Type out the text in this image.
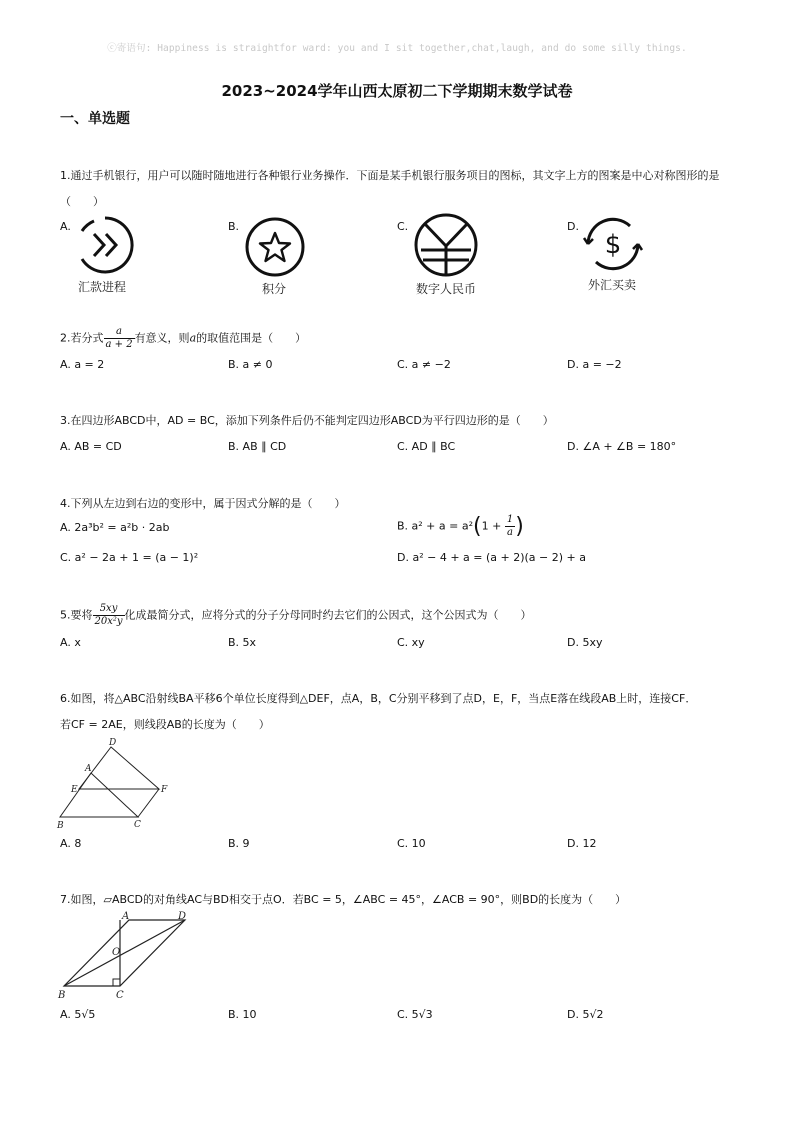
ⓒ寄语句: Happiness is straightfor ward: you and I sit together,chat,laugh, and do some silly things.
2023~2024学年山西太原初二下学期期末数学试卷
一、单选题
1.通过手机银行，用户可以随时随地进行各种银行业务操作．下面是某手机银行服务项目的图标，其文字上方的图案是中心对称图形的是
（　　）
A.	B.	C.	D.
汇款进程	积分	数字人民币
$
外汇买卖
2.若分式 $\frac{a}{a + 2}$ 有意义，则a的取值范围是（　　）
A. a = 2	B. a ≠ 0	C. a ≠ −2	D. a = −2
3.在四边形ABCD中，AD = BC，添加下列条件后仍不能判定四边形ABCD为平行四边形的是（　　）
A. AB = CD	B. AB ∥ CD	C. AD ∥ BC	D. ∠A + ∠B = 180°
4.下列从左边到右边的变形中，属于因式分解的是（　　）
A. 2a³b² = a²b · 2ab	B. $a^2 + a = a^2(1 + \frac{1}{a}$ )
C. a² − 2a + 1 = (a − 1)²	D. a² − 4 + a = (a + 2)(a − 2) + a
5.要将 $\frac{5xy}{\text{20x²y}}$ 化成最简分式，应将分式的分子分母同时约去它们的公因式，这个公因式为（　　）
A. x	B. 5x	C. xy	D. 5xy
6.如图，将△ABC沿射线BA平移6个单位长度得到△DEF，点A，B，C分别平移到了点D，E，F，当点E落在线段AB上时，连接CF．
若CF = 2AE，则线段AB的长度为（　　）
D
A
E	F
B	C
A. 8	B. 9	C. 10	D. 12
7.如图，▱ABCD的对角线AC与BD相交于点O．若BC = 5，∠ABC = 45°，∠ACB = 90°，则BD的长度为（　　）
A	D
O
B	C
A. 5√5	B. 10	C. 5√3	D. 5√2
